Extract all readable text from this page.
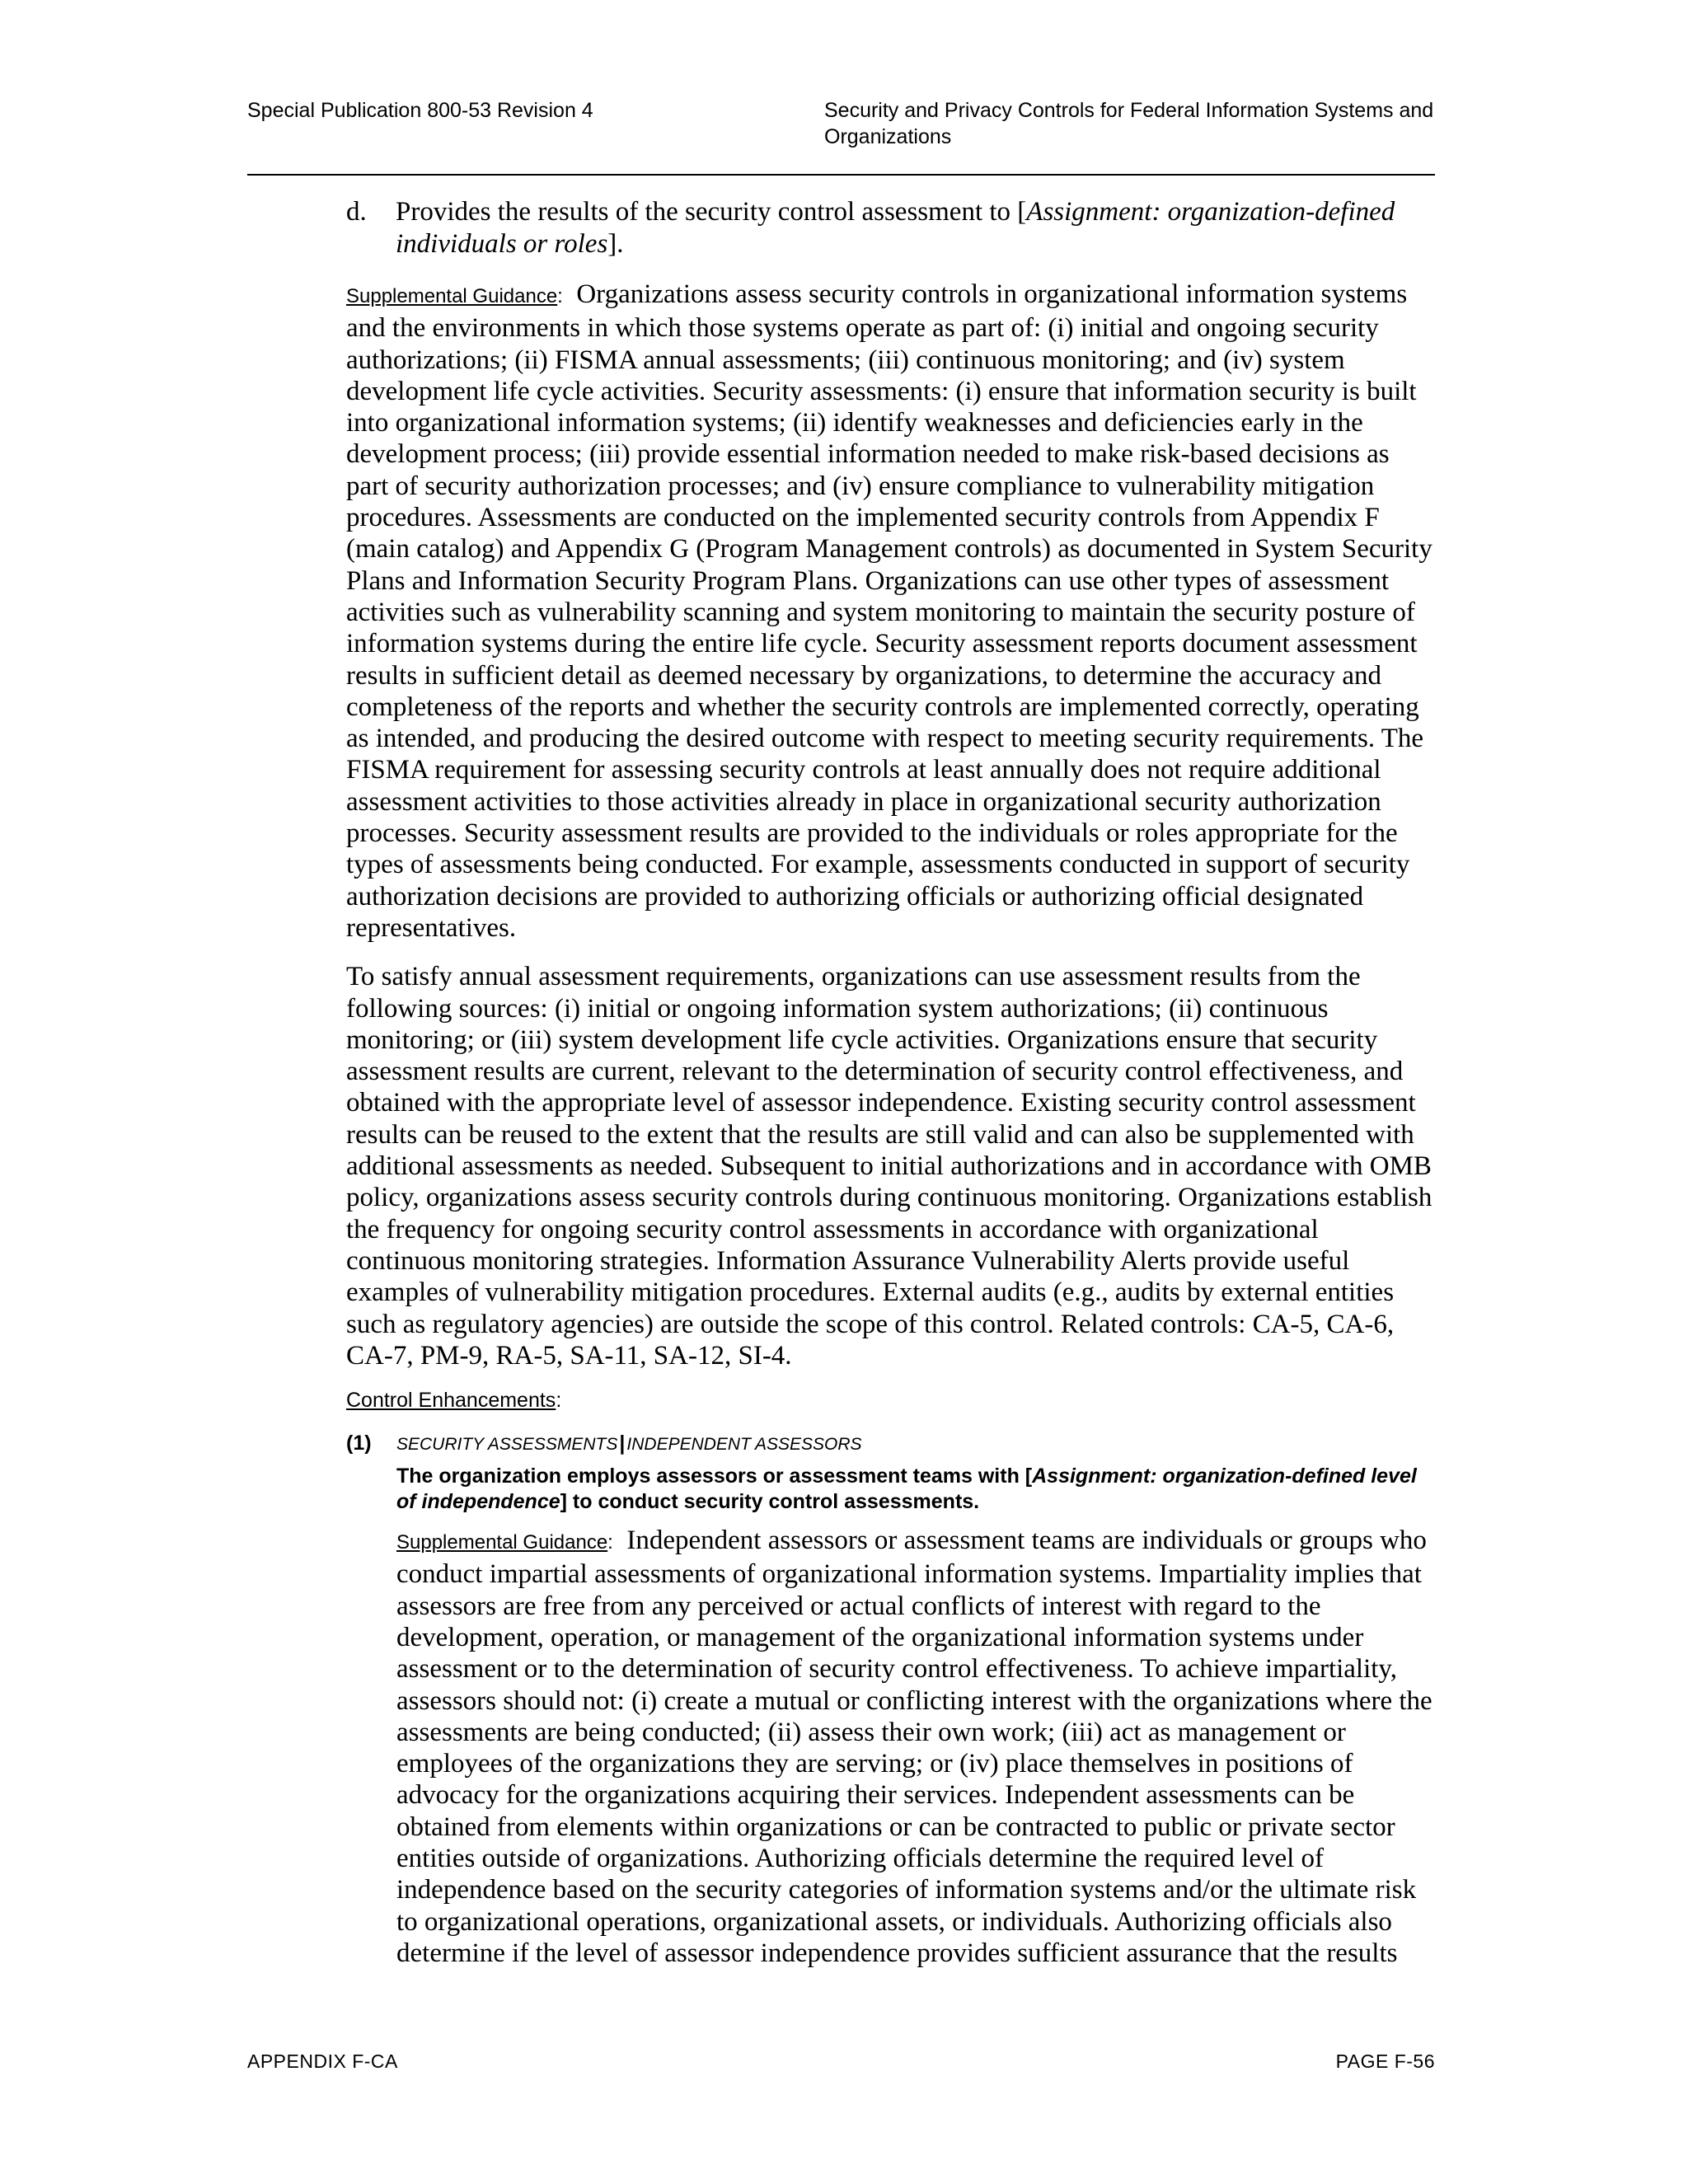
Special Publication 800-53 Revision 4	Security and Privacy Controls for Federal Information Systems and Organizations

d. Provides the results of the security control assessment to [Assignment: organization-defined individuals or roles].

Supplemental Guidance: Organizations assess security controls in organizational information systems and the environments in which those systems operate as part of: (i) initial and ongoing security authorizations; (ii) FISMA annual assessments; (iii) continuous monitoring; and (iv) system development life cycle activities. Security assessments: (i) ensure that information security is built into organizational information systems; (ii) identify weaknesses and deficiencies early in the development process; (iii) provide essential information needed to make risk-based decisions as part of security authorization processes; and (iv) ensure compliance to vulnerability mitigation procedures. Assessments are conducted on the implemented security controls from Appendix F (main catalog) and Appendix G (Program Management controls) as documented in System Security Plans and Information Security Program Plans. Organizations can use other types of assessment activities such as vulnerability scanning and system monitoring to maintain the security posture of information systems during the entire life cycle. Security assessment reports document assessment results in sufficient detail as deemed necessary by organizations, to determine the accuracy and completeness of the reports and whether the security controls are implemented correctly, operating as intended, and producing the desired outcome with respect to meeting security requirements. The FISMA requirement for assessing security controls at least annually does not require additional assessment activities to those activities already in place in organizational security authorization processes. Security assessment results are provided to the individuals or roles appropriate for the types of assessments being conducted. For example, assessments conducted in support of security authorization decisions are provided to authorizing officials or authorizing official designated representatives.

To satisfy annual assessment requirements, organizations can use assessment results from the following sources: (i) initial or ongoing information system authorizations; (ii) continuous monitoring; or (iii) system development life cycle activities. Organizations ensure that security assessment results are current, relevant to the determination of security control effectiveness, and obtained with the appropriate level of assessor independence. Existing security control assessment results can be reused to the extent that the results are still valid and can also be supplemented with additional assessments as needed. Subsequent to initial authorizations and in accordance with OMB policy, organizations assess security controls during continuous monitoring. Organizations establish the frequency for ongoing security control assessments in accordance with organizational continuous monitoring strategies. Information Assurance Vulnerability Alerts provide useful examples of vulnerability mitigation procedures. External audits (e.g., audits by external entities such as regulatory agencies) are outside the scope of this control. Related controls: CA-5, CA-6, CA-7, PM-9, RA-5, SA-11, SA-12, SI-4.

Control Enhancements:
(1) SECURITY ASSESSMENTS|INDEPENDENT ASSESSORS
The organization employs assessors or assessment teams with [Assignment: organization-defined level of independence] to conduct security control assessments.
Supplemental Guidance: Independent assessors or assessment teams are individuals or groups who conduct impartial assessments of organizational information systems. Impartiality implies that assessors are free from any perceived or actual conflicts of interest with regard to the development, operation, or management of the organizational information systems under assessment or to the determination of security control effectiveness. To achieve impartiality, assessors should not: (i) create a mutual or conflicting interest with the organizations where the assessments are being conducted; (ii) assess their own work; (iii) act as management or employees of the organizations they are serving; or (iv) place themselves in positions of advocacy for the organizations acquiring their services. Independent assessments can be obtained from elements within organizations or can be contracted to public or private sector entities outside of organizations. Authorizing officials determine the required level of independence based on the security categories of information systems and/or the ultimate risk to organizational operations, organizational assets, or individuals. Authorizing officials also determine if the level of assessor independence provides sufficient assurance that the results
APPENDIX F-CA	PAGE F-56
